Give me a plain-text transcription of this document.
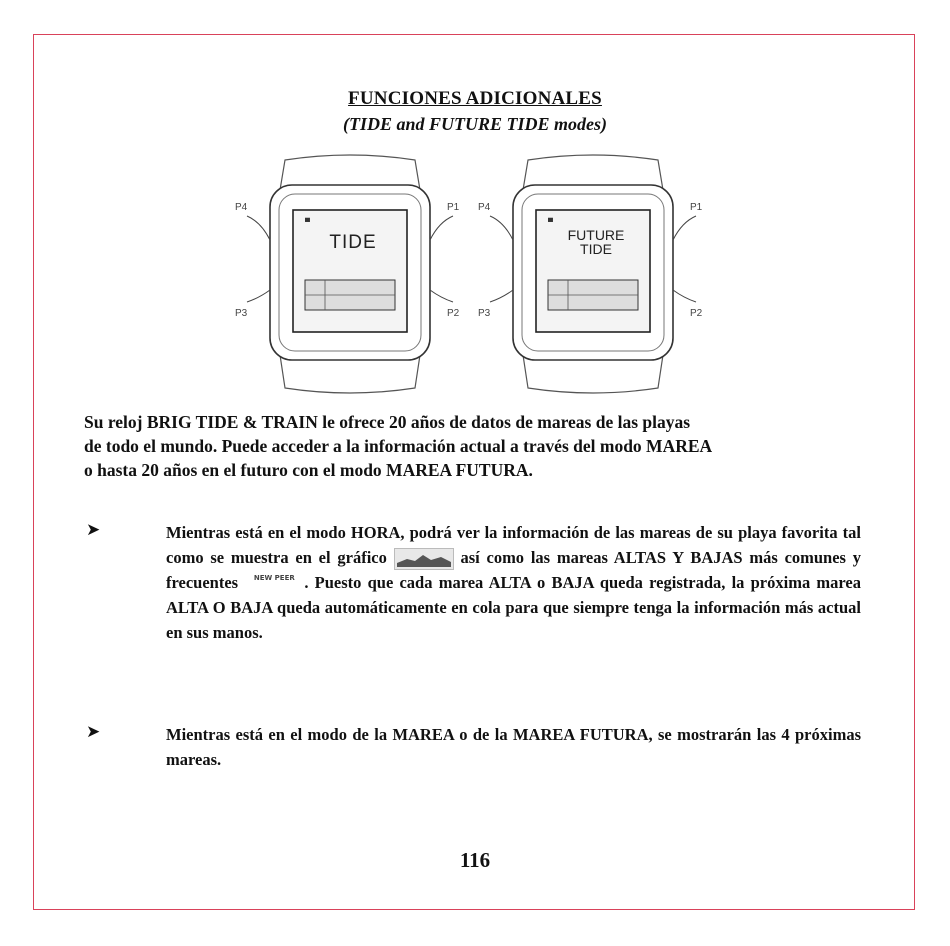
FUNCIONES ADICIONALES
(TIDE and FUTURE TIDE modes)
▀
TIDE
P4	P1
P3	P2
▀
FUTURE
TIDE
P4	P1
P3	P2

Su reloj BRIG TIDE & TRAIN le ofrece 20 años de datos de mareas de las playas

de todo el mundo. Puede acceder a la información actual a través del modo MAREA

o hasta 20 años en el futuro con el modo MAREA FUTURA.

➤	Mientras está en el modo HORA, podrá ver la información de las mareas de su playa favorita tal como se muestra en el gráfico	así como las mareas ALTAS Y BAJAS más comunes y frecuentes NEW PEER . Puesto que cada marea ALTA o BAJA queda registrada, la próxima marea ALTA O BAJA queda automáticamente en cola para que siempre tenga la información más actual en sus manos.
➤	Mientras está en el modo de la MAREA o de la MAREA FUTURA, se mostrarán las 4 próximas mareas.
116
